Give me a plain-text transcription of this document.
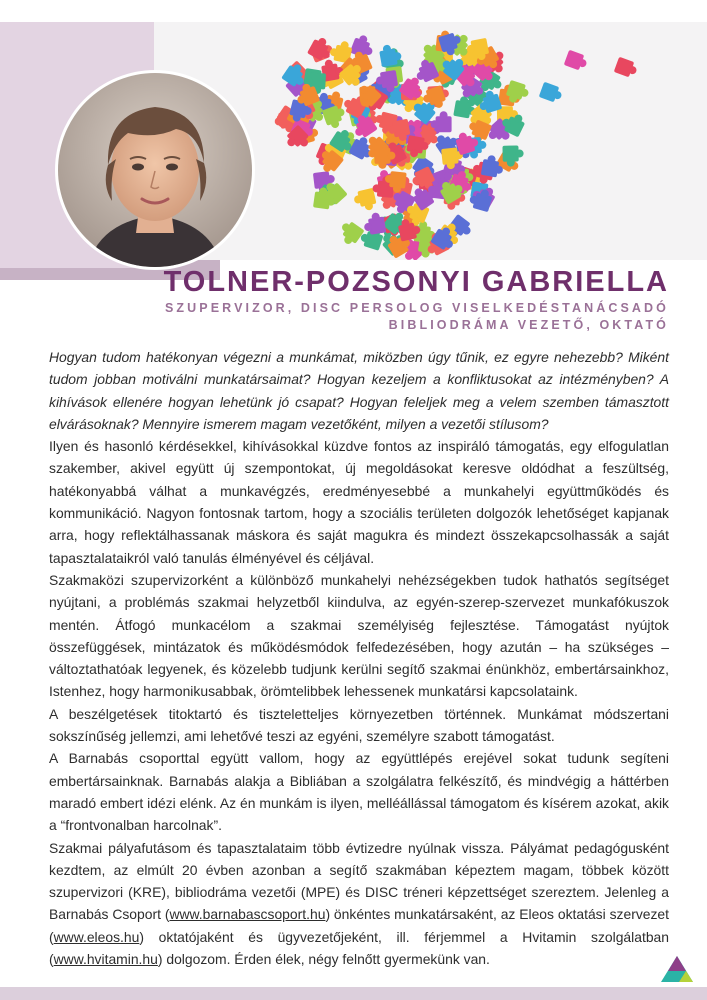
TOLNER-POZSONYI GABRIELLA

SZUPERVIZOR, DISC PERSOLOG VISELKEDÉSTANÁCSADÓ
BIBLIODRÁMA VEZETŐ, OKTATÓ

Hogyan tudom hatékonyan végezni a munkámat, miközben úgy tűnik, ez egyre nehezebb? Miként tudom jobban motiválni munkatársaimat? Hogyan kezeljem a konfliktusokat az intézményben? A kihívások ellenére hogyan lehetünk jó csapat? Hogyan feleljek meg a velem szemben támasztott elvárásoknak? Mennyire ismerem magam vezetőként, milyen a vezetői stílusom?

Ilyen és hasonló kérdésekkel, kihívásokkal küzdve fontos az inspiráló támogatás, egy elfogulatlan szakember, akivel együtt új szempontokat, új megoldásokat keresve oldódhat a feszültség, hatékonyabbá válhat a munkavégzés, eredményesebbé a munkahelyi együttműködés és kommunikáció. Nagyon fontosnak tartom, hogy a szociális területen dolgozók lehetőséget kapjanak arra, hogy reflektálhassanak máskora és saját magukra és mindezt összekapcsolhassák a saját tapasztalataikról való tanulás élményével és céljával.

Szakmaközi szupervizorként a különböző munkahelyi nehézségekben tudok hathatós segítséget nyújtani, a problémás szakmai helyzetből kiindulva, az egyén-szerep-szervezet munkafókuszok mentén. Átfogó munkacélom a szakmai személyiség fejlesztése. Támogatást nyújtok összefüggések, mintázatok és működésmódok felfedezésében, hogy azután – ha szükséges – változtathatóak legyenek, és közelebb tudjunk kerülni segítő szakmai énünkhöz, embertársainkhoz, Istenhez, hogy harmonikusabbak, örömtelibbek lehessenek munkatársi kapcsolataink.

A beszélgetések titoktartó és tiszteletteljes környezetben történnek. Munkámat módszertani sokszínűség jellemzi, ami lehetővé teszi az egyéni, személyre szabott támogatást.

A Barnabás csoporttal együtt vallom, hogy az együttlépés erejével sokat tudunk segíteni embertársainknak. Barnabás alakja a Bibliában a szolgálatra felkészítő, és mindvégig a háttérben maradó embert idézi elénk. Az én munkám is ilyen, melléállással támogatom és kísérem azokat, akik a “frontvonalban harcolnak”.

Szakmai pályafutásom és tapasztalataim több évtizedre nyúlnak vissza. Pályámat pedagógusként kezdtem, az elmúlt 20 évben azonban a segítő szakmában képeztem magam, többek között szupervizori (KRE), bibliodráma vezetői (MPE) és DISC tréneri képzettséget szereztem. Jelenleg a Barnabás Csoport (www.barnabascsoport.hu) önkéntes munkatársaként, az Eleos oktatási szervezet (www.eleos.hu) oktatójaként és ügyvezetőjeként, ill. férjemmel a Hvitamin szolgálatban (www.hvitamin.hu) dolgozom. Érden élek, négy felnőtt gyermekünk van.
